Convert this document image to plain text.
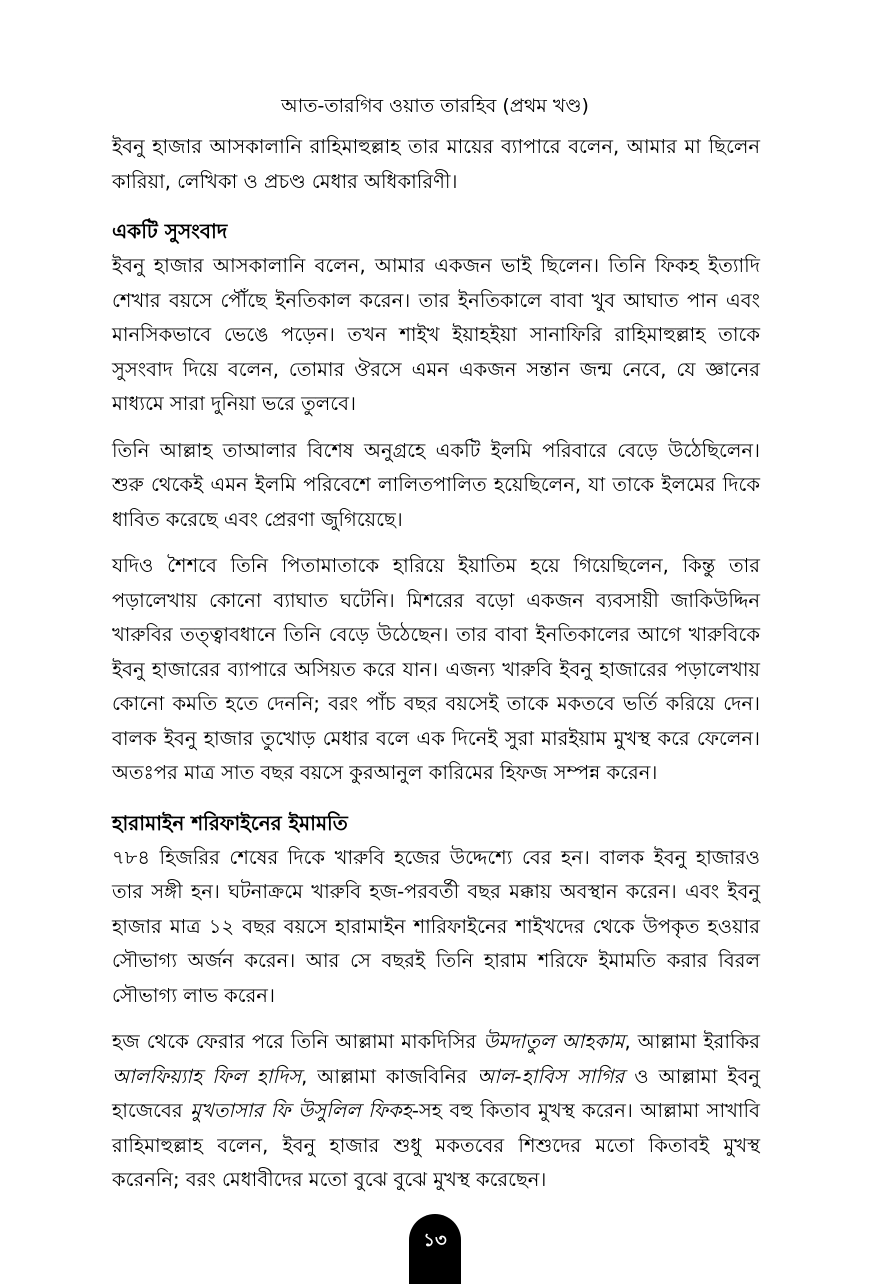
আত-তারগিব ওয়াত তারহিব (প্রথম খণ্ড)

ইবনু হাজার আসকালানি রাহিমাহুল্লাহ তার মায়ের ব্যাপারে বলেন, আমার মা ছিলেন কারিয়া, লেখিকা ও প্রচণ্ড মেধার অধিকারিণী।

একটি সুসংবাদ

ইবনু হাজার আসকালানি বলেন, আমার একজন ভাই ছিলেন। তিনি ফিকহ ইত্যাদি শেখার বয়সে পৌঁছে ইনতিকাল করেন। তার ইনতিকালে বাবা খুব আঘাত পান এবং মানসিকভাবে ভেঙে পড়েন। তখন শাইখ ইয়াহইয়া সানাফিরি রাহিমাহুল্লাহ তাকে সুসংবাদ দিয়ে বলেন, তোমার ঔরসে এমন একজন সন্তান জন্ম নেবে, যে জ্ঞানের মাধ্যমে সারা দুনিয়া ভরে তুলবে।

তিনি আল্লাহ তাআলার বিশেষ অনুগ্রহে একটি ইলমি পরিবারে বেড়ে উঠেছিলেন। শুরু থেকেই এমন ইলমি পরিবেশে লালিতপালিত হয়েছিলেন, যা তাকে ইলমের দিকে ধাবিত করেছে এবং প্রেরণা জুগিয়েছে।

যদিও শৈশবে তিনি পিতামাতাকে হারিয়ে ইয়াতিম হয়ে গিয়েছিলেন, কিন্তু তার পড়ালেখায় কোনো ব্যাঘাত ঘটেনি। মিশরের বড়ো একজন ব্যবসায়ী জাকিউদ্দিন খারুবির তত্ত্বাবধানে তিনি বেড়ে উঠেছেন। তার বাবা ইনতিকালের আগে খারুবিকে ইবনু হাজারের ব্যাপারে অসিয়ত করে যান। এজন্য খারুবি ইবনু হাজারের পড়ালেখায় কোনো কমতি হতে দেননি; বরং পাঁচ বছর বয়সেই তাকে মকতবে ভর্তি করিয়ে দেন। বালক ইবনু হাজার তুখোড় মেধার বলে এক দিনেই সুরা মারইয়াম মুখস্থ করে ফেলেন। অতঃপর মাত্র সাত বছর বয়সে কুরআনুল কারিমের হিফজ সম্পন্ন করেন।

হারামাইন শরিফাইনের ইমামতি

৭৮৪ হিজরির শেষের দিকে খারুবি হজের উদ্দেশ্যে বের হন। বালক ইবনু হাজারও তার সঙ্গী হন। ঘটনাক্রমে খারুবি হজ-পরবর্তী বছর মক্কায় অবস্থান করেন। এবং ইবনু হাজার মাত্র ১২ বছর বয়সে হারামাইন শারিফাইনের শাইখদের থেকে উপকৃত হওয়ার সৌভাগ্য অর্জন করেন। আর সে বছরই তিনি হারাম শরিফে ইমামতি করার বিরল সৌভাগ্য লাভ করেন।

হজ থেকে ফেরার পরে তিনি আল্লামা মাকদিসির উমদাতুল আহকাম, আল্লামা ইরাকির আলফিয়্যাহ ফিল হাদিস, আল্লামা কাজবিনির আল-হাবিস সাগির ও আল্লামা ইবনু হাজেবের মুখতাসার ফি উসুলিল ফিকহ-সহ বহু কিতাব মুখস্থ করেন। আল্লামা সাখাবি রাহিমাহুল্লাহ বলেন, ইবনু হাজার শুধু মকতবের শিশুদের মতো কিতাবই মুখস্থ করেননি; বরং মেধাবীদের মতো বুঝে বুঝে মুখস্থ করেছেন।

১৩
